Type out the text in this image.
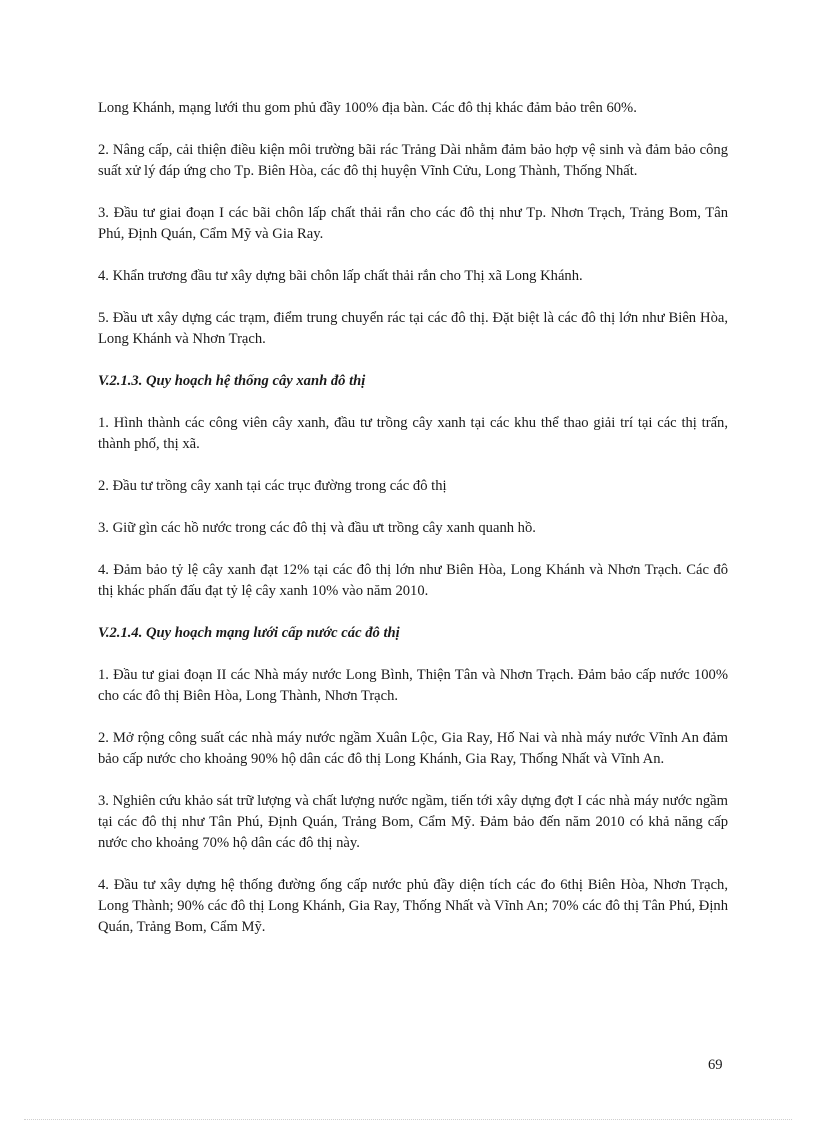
Long Khánh, mạng lưới thu gom phủ đầy 100% địa bàn. Các đô thị khác đảm bảo trên 60%.

2. Nâng cấp, cải thiện điều kiện môi trường bãi rác Trảng Dài nhằm đảm bảo hợp vệ sinh và đảm bảo công suất xử lý đáp ứng cho Tp. Biên Hòa, các đô thị huyện Vĩnh Cửu, Long Thành, Thống Nhất.

3. Đầu tư giai đoạn I các bãi chôn lấp chất thải rắn cho các đô thị như Tp. Nhơn Trạch, Trảng Bom, Tân Phú, Định Quán, Cẩm Mỹ và Gia Ray.

4. Khẩn trương đầu tư xây dựng bãi chôn lấp chất thải rắn cho Thị xã Long Khánh.

5. Đầu ưt xây dựng các trạm, điểm trung chuyển rác tại các đô thị. Đặt biệt là các đô thị lớn như Biên Hòa, Long Khánh và Nhơn Trạch.

V.2.1.3. Quy hoạch hệ thống cây xanh đô thị

1. Hình thành các công viên cây xanh, đầu tư trồng cây xanh tại các khu thể thao giải trí tại các thị trấn, thành phố, thị xã.

2. Đầu tư trồng cây xanh tại các trục đường trong các đô thị

3. Giữ gìn các hồ nước trong các đô thị và đầu ưt trồng cây xanh quanh hồ.

4. Đảm bảo tỷ lệ cây xanh đạt 12% tại các đô thị lớn như Biên Hòa, Long Khánh và Nhơn Trạch. Các đô thị khác phấn đấu đạt tỷ lệ cây xanh 10% vào năm 2010.

V.2.1.4. Quy hoạch mạng lưới cấp nước các đô thị

1. Đầu tư giai đoạn II các Nhà máy nước Long Bình, Thiện Tân và Nhơn Trạch. Đảm bảo cấp nước 100% cho các đô thị Biên Hòa, Long Thành, Nhơn Trạch.

2. Mở rộng công suất các nhà máy nước ngầm Xuân Lộc, Gia Ray, Hố Nai và nhà máy nước Vĩnh An đảm bảo cấp nước cho khoảng 90% hộ dân các đô thị Long Khánh, Gia Ray, Thống Nhất và Vĩnh An.

3. Nghiên cứu khảo sát trữ lượng và chất lượng nước ngầm, tiến tới xây dựng đợt I các nhà máy nước ngầm tại các đô thị như Tân Phú, Định Quán, Trảng Bom, Cẩm Mỹ. Đảm bảo đến năm 2010 có khả năng cấp nước cho khoảng 70% hộ dân các đô thị này.

4. Đầu tư xây dựng hệ thống đường ống cấp nước phủ đầy diện tích các đo 6thị Biên Hòa, Nhơn Trạch, Long Thành; 90% các đô thị Long Khánh, Gia Ray, Thống Nhất và Vĩnh An; 70% các đô thị Tân Phú, Định Quán, Trảng Bom, Cẩm Mỹ.

69
